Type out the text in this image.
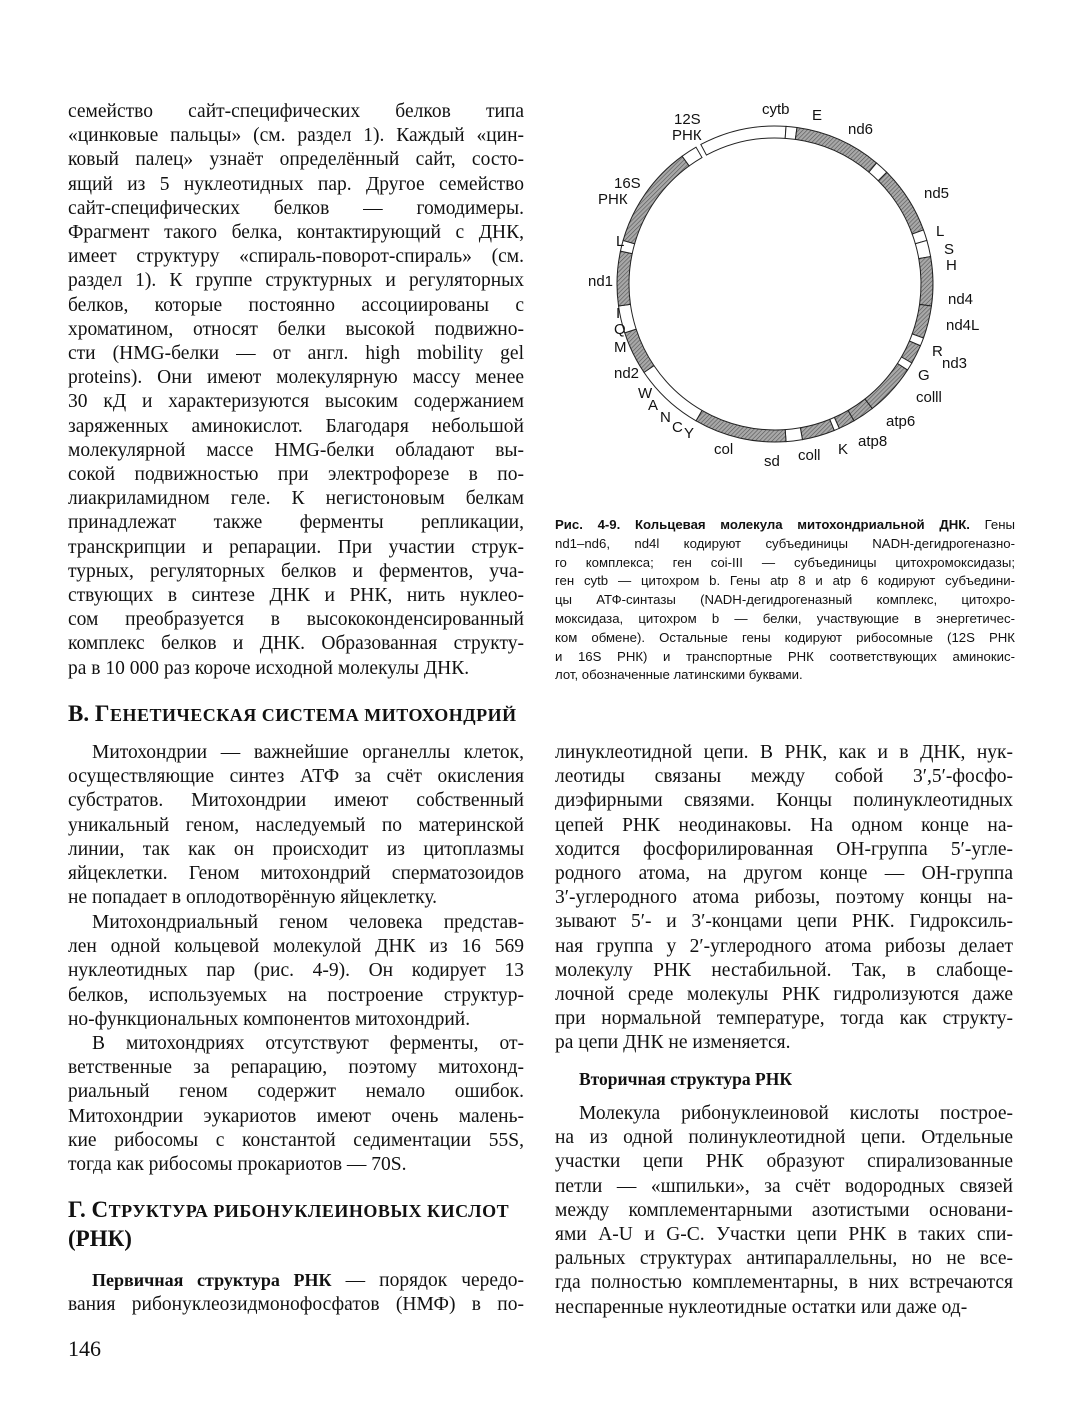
семейство сайт-специфических белков типа
«цинковые пальцы» (см. раздел 1). Каждый «цин-
ковый палец» узнаёт определённый сайт, состо-
ящий из 5 нуклеотидных пар. Другое семейство
сайт-специфических белков — гомодимеры.
Фрагмент такого белка, контактирующий с ДНК,
имеет структуру «спираль-поворот-спираль» (см.
раздел 1). К группе структурных и регуляторных
белков, которые постоянно ассоциированы с
хроматином, относят белки высокой подвижно-
сти (HMG-белки — от англ. high mobility gel
proteins). Они имеют молекулярную массу менее
30 кД и характеризуются высоким содержанием
заряженных аминокислот. Благодаря небольшой
молекулярной массе HMG-белки обладают вы-
сокой подвижностью при электрофорезе в по-
лиакриламидном геле. К негистоновым белкам
принадлежат также ферменты репликации,
транскрипции и репарации. При участии струк-
турных, регуляторных белков и ферментов, уча-
ствующих в синтезе ДНК и РНК, нить нуклео-
сом преобразуется в высококонденсированный
комплекс белков и ДНК. Образованная структу-
ра в 10 000 раз короче исходной молекулы ДНК.

В. ГЕНЕТИЧЕСКАЯ СИСТЕМА МИТОХОНДРИЙ

Митохондрии — важнейшие органеллы клеток,
осуществляющие синтез АТФ за счёт окисления
субстратов. Митохондрии имеют собственный
уникальный геном, наследуемый по материнской
линии, так как он происходит из цитоплазмы
яйцеклетки. Геном митохондрий сперматозоидов
не попадает в оплодотворённую яйцеклетку.

Митохондриальный геном человека представ-
лен одной кольцевой молекулой ДНК из 16 569
нуклеотидных пар (рис. 4-9). Он кодирует 13
белков, используемых на построение структур-
но-функциональных компонентов митохондрий.

В митохондриях отсутствуют ферменты, от-
ветственные за репарацию, поэтому митохонд-
риальный геном содержит немало ошибок.
Митохондрии эукариотов имеют очень малень-
кие рибосомы с константой седиментации 55S,
тогда как рибосомы прокариотов — 70S.

Г. СТРУКТУРА РИБОНУКЛЕИНОВЫХ КИСЛОТ

(РНК)

Первичная структура РНК — порядок чередо-
вания рибонуклеозидмонофосфатов (НМФ) в по-

линуклеотидной цепи. В РНК, как и в ДНК, нук-
леотиды связаны между собой 3′,5′-фосфо-
диэфирными связями. Концы полинуклеотидных
цепей РНК неодинаковы. На одном конце на-
ходится фосфорилированная ОН-группа 5′-угле-
родного атома, на другом конце — ОН-группа
3′-углеродного атома рибозы, поэтому концы на-
зывают 5′- и 3′-концами цепи РНК. Гидроксиль-
ная группа у 2′-углеродного атома рибозы делает
молекулу РНК нестабильной. Так, в слабоще-
лочной среде молекулы РНК гидролизуются даже
при нормальной температуре, тогда как структу-
ра цепи ДНК не изменяется.

Вторичная структура РНК

Молекула рибонуклеиновой кислоты построе-
на из одной полинуклеотидной цепи. Отдельные
участки цепи РНК образуют спирализованные
петли — «шпильки», за счёт водородных связей
между комплементарными азотистыми основани-
ями A-U и G-C. Участки цепи РНК в таких спи-
ральных структурах антипараллельны, но не все-
гда полностью комплементарны, в них встречаются
неспаренные нуклеотидные остатки или даже од-

12S
РНК
cytb E
nd6
16S
РНК	nd5
L
L
S
H
nd1
nd4
I
nd4L
Q
M	R
nd3
nd2	G
W	colll
A
N	atp6
C Y	atp8
K
coll
col
sd
Рис. 4-9. Кольцевая молекула митохондриальной ДНК. Гены
nd1–nd6, nd4l кодируют субъединицы NADH-дегидрогеназно-
го комплекса; ген coi-III — субъединицы цитохромоксидазы;
ген cytb — цитохром b. Гены atp 8 и atp 6 кодируют субъедини-
цы АТФ-синтазы (NADH-дегидрогеназный комплекс, цитохро-
моксидаза, цитохром b — белки, участвующие в энергетичес-
ком обмене). Остальные гены кодируют рибосомные (12S РНК
и 16S РНК) и транспортные РНК соответствующих аминокис-
лот, обозначенные латинскими буквами.
146
